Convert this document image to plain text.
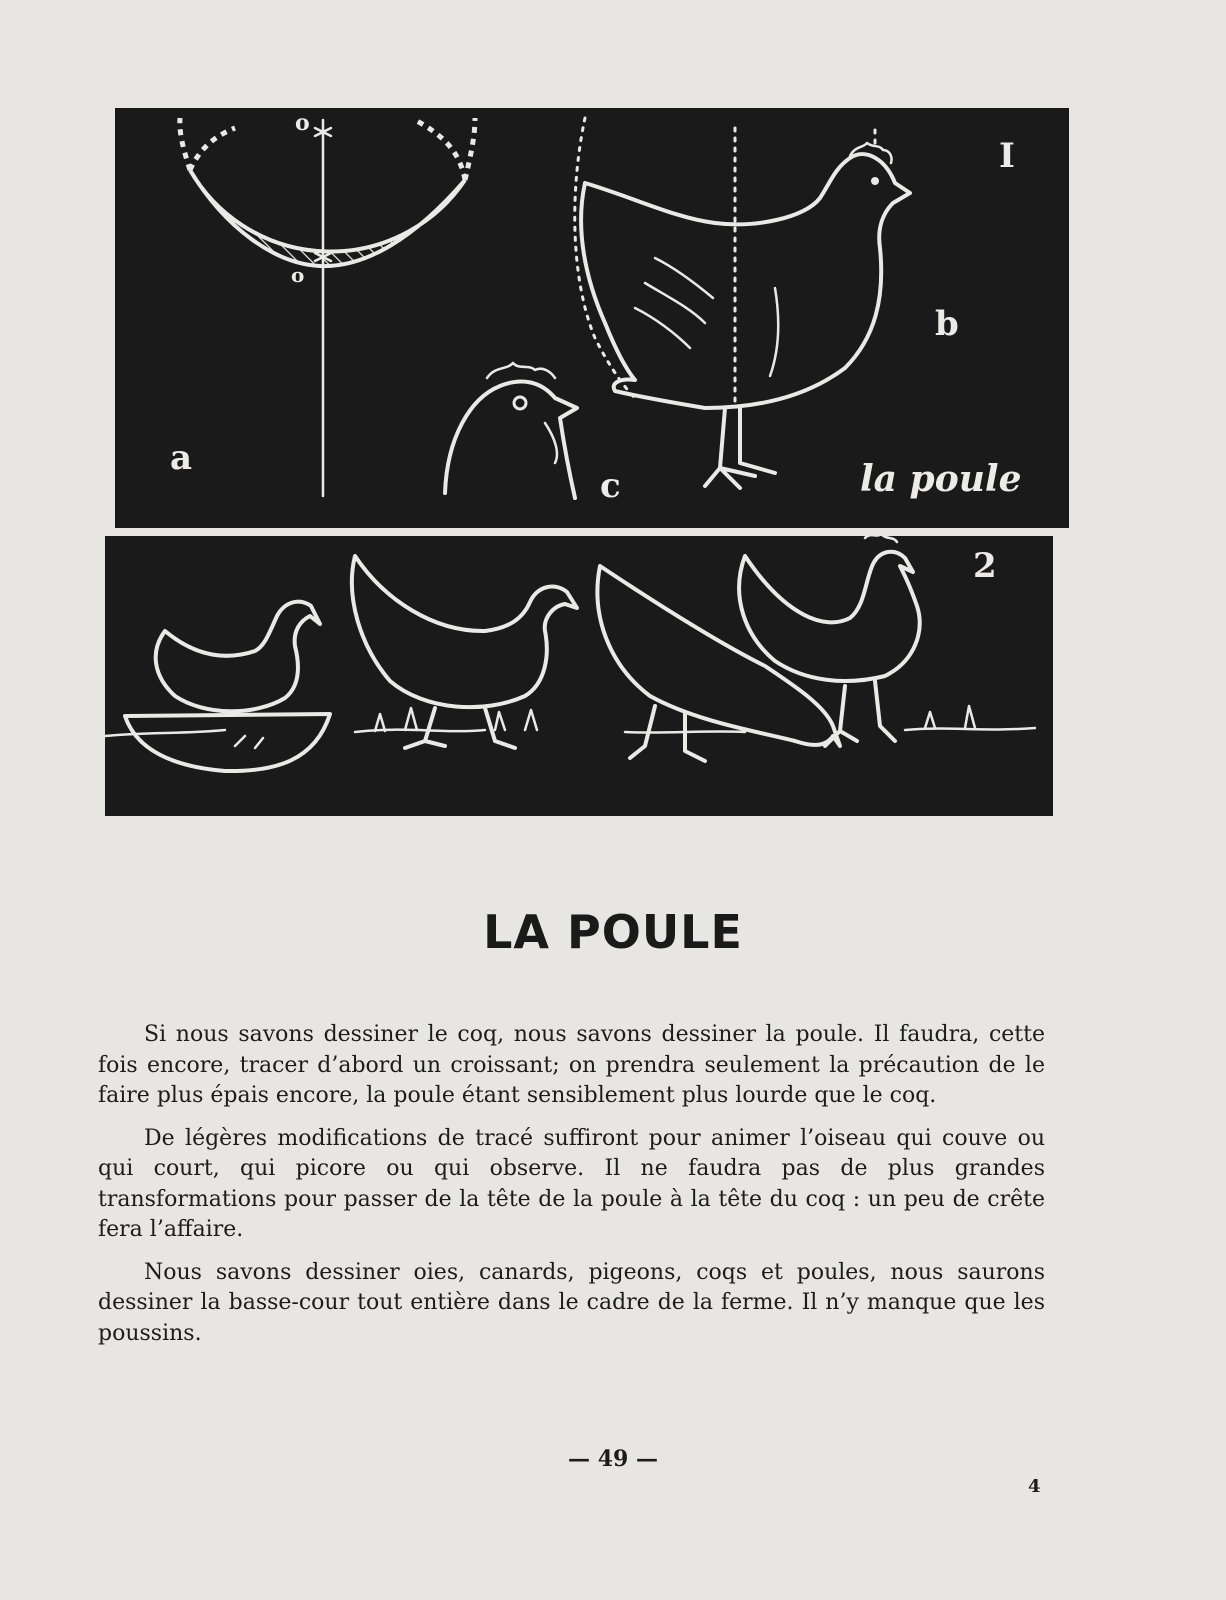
I
a
b
c
o
o
la poule
2
LA POULE

Si nous savons dessiner le coq, nous savons dessiner la poule. Il faudra, cette fois encore, tracer d’abord un croissant; on prendra seulement la précaution de le faire plus épais encore, la poule étant sensiblement plus lourde que le coq.

De légères modifications de tracé suffiront pour animer l’oiseau qui couve ou qui court, qui picore ou qui observe. Il ne faudra pas de plus grandes transformations pour passer de la tête de la poule à la tête du coq : un peu de crête fera l’affaire.

Nous savons dessiner oies, canards, pigeons, coqs et poules, nous saurons dessiner la basse-cour tout entière dans le cadre de la ferme. Il n’y manque que les poussins.

— 49 —
4
